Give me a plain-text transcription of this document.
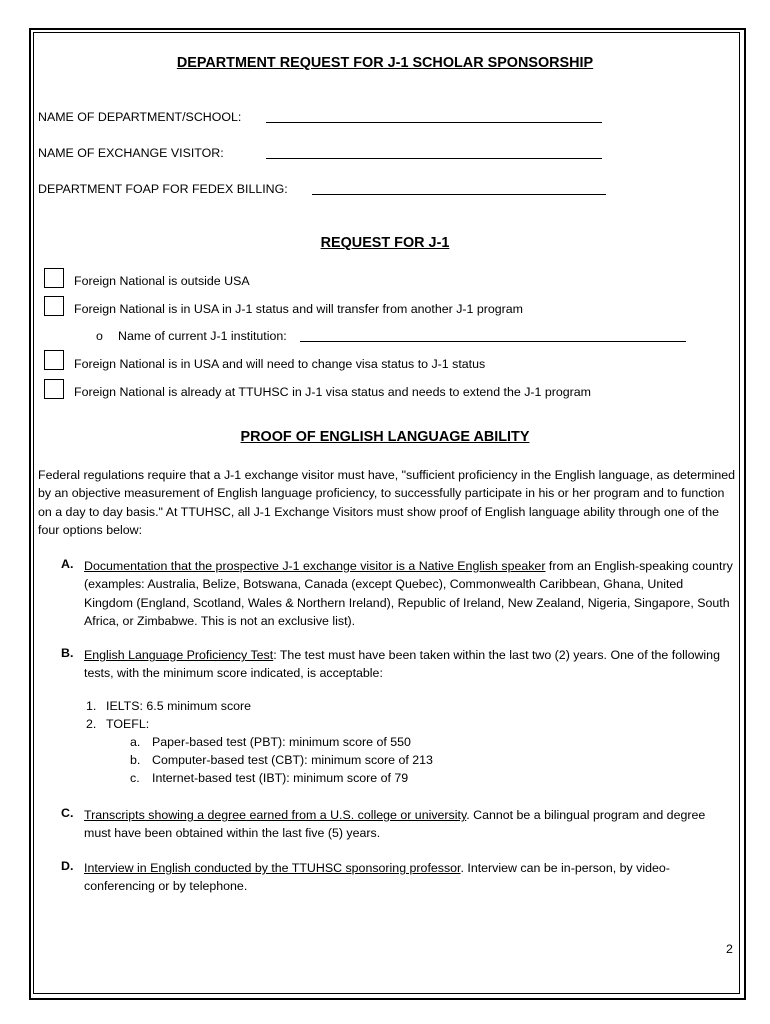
DEPARTMENT REQUEST FOR J-1 SCHOLAR SPONSORSHIP
NAME OF DEPARTMENT/SCHOOL:
NAME OF EXCHANGE VISITOR:
DEPARTMENT FOAP FOR FEDEX BILLING:
REQUEST FOR J-1
Foreign National is outside USA
Foreign National is in USA in J-1 status and will transfer from another J-1 program
o Name of current J-1 institution:
Foreign National is in USA and will need to change visa status to J-1 status
Foreign National is already at TTUHSC in J-1 visa status and needs to extend the J-1 program
PROOF OF ENGLISH LANGUAGE ABILITY
Federal regulations require that a J-1 exchange visitor must have, "sufficient proficiency in the English language, as determined by an objective measurement of English language proficiency, to successfully participate in his or her program and to function on a day to day basis." At TTUHSC, all J-1 Exchange Visitors must show proof of English language ability through one of the four options below:
A. Documentation that the prospective J-1 exchange visitor is a Native English speaker from an English-speaking country (examples: Australia, Belize, Botswana, Canada (except Quebec), Commonwealth Caribbean, Ghana, United Kingdom (England, Scotland, Wales & Northern Ireland), Republic of Ireland, New Zealand, Nigeria, Singapore, South Africa, or Zimbabwe. This is not an exclusive list).
B. English Language Proficiency Test: The test must have been taken within the last two (2) years. One of the following tests, with the minimum score indicated, is acceptable:
1. IELTS: 6.5 minimum score
2. TOEFL:
a. Paper-based test (PBT): minimum score of 550
b. Computer-based test (CBT): minimum score of 213
c. Internet-based test (IBT): minimum score of 79
C. Transcripts showing a degree earned from a U.S. college or university. Cannot be a bilingual program and degree must have been obtained within the last five (5) years.
D. Interview in English conducted by the TTUHSC sponsoring professor. Interview can be in-person, by video-conferencing or by telephone.
2
